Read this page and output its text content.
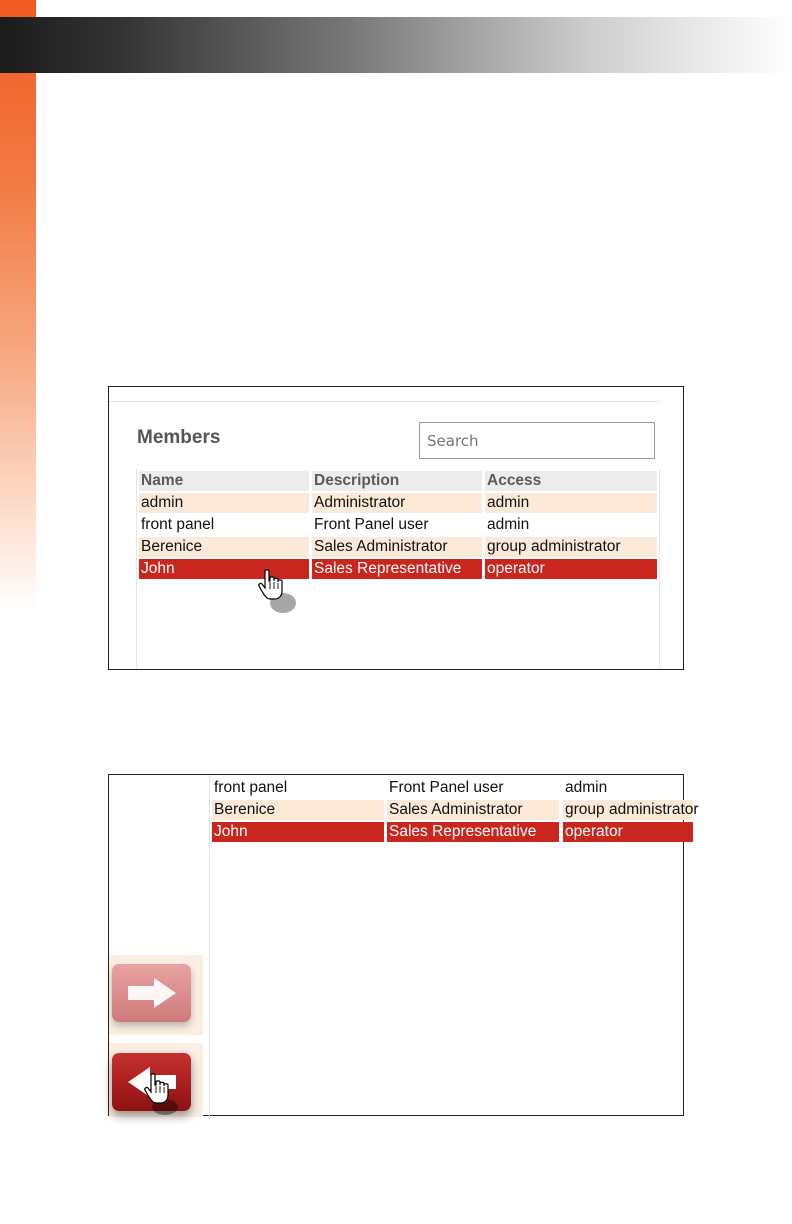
Members
Search
Name	Description	Access
admin	Administrator	admin
front panel	Front Panel user	admin
Berenice	Sales Administrator	group administrator
John	Sales Representative	operator
front panel	Front Panel user	admin
Berenice	Sales Administrator	group administrator
John	Sales Representative	operator
